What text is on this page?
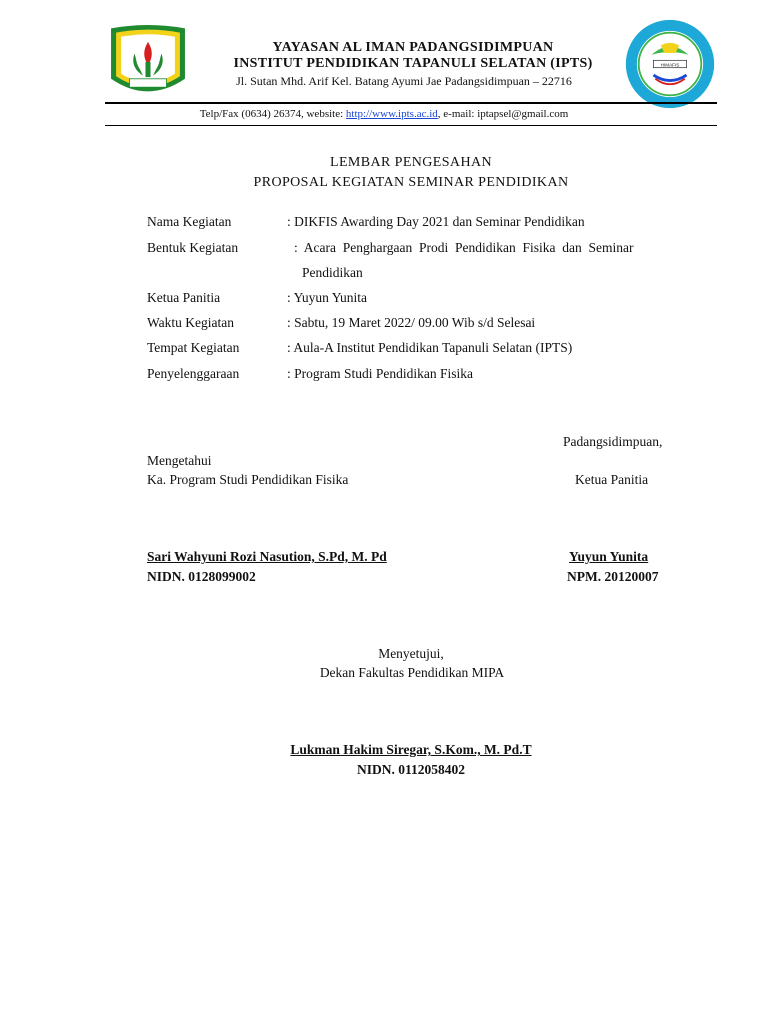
HIMAFIS
YAYASAN AL IMAN PADANGSIDIMPUAN
INSTITUT PENDIDIKAN TAPANULI SELATAN (IPTS)
Jl. Sutan Mhd. Arif Kel. Batang Ayumi Jae Padangsidimpuan – 22716
Telp/Fax (0634) 26374, website: http://www.ipts.ac.id, e-mail: iptapsel@gmail.com
LEMBAR PENGESAHAN
PROPOSAL KEGIATAN SEMINAR PENDIDIKAN
Nama Kegiatan	: DIKFIS Awarding Day 2021 dan Seminar Pendidikan
Bentuk Kegiatan	:  Acara  Penghargaan  Prodi  Pendidikan  Fisika  dan  Seminar
Pendidikan
Ketua Panitia	: Yuyun Yunita
Waktu Kegiatan	: Sabtu, 19 Maret 2022/ 09.00 Wib s/d Selesai
Tempat Kegiatan	: Aula-A Institut Pendidikan Tapanuli Selatan (IPTS)
Penyelenggaraan	: Program Studi Pendidikan Fisika
Padangsidimpuan,
Mengetahui
Ka. Program Studi Pendidikan Fisika	Ketua Panitia
Sari Wahyuni Rozi Nasution, S.Pd, M. Pd
NIDN. 0128099002
Yuyun Yunita
NPM. 20120007
Menyetujui,
Dekan Fakultas Pendidikan MIPA
Lukman Hakim Siregar, S.Kom., M. Pd.T
NIDN. 0112058402
